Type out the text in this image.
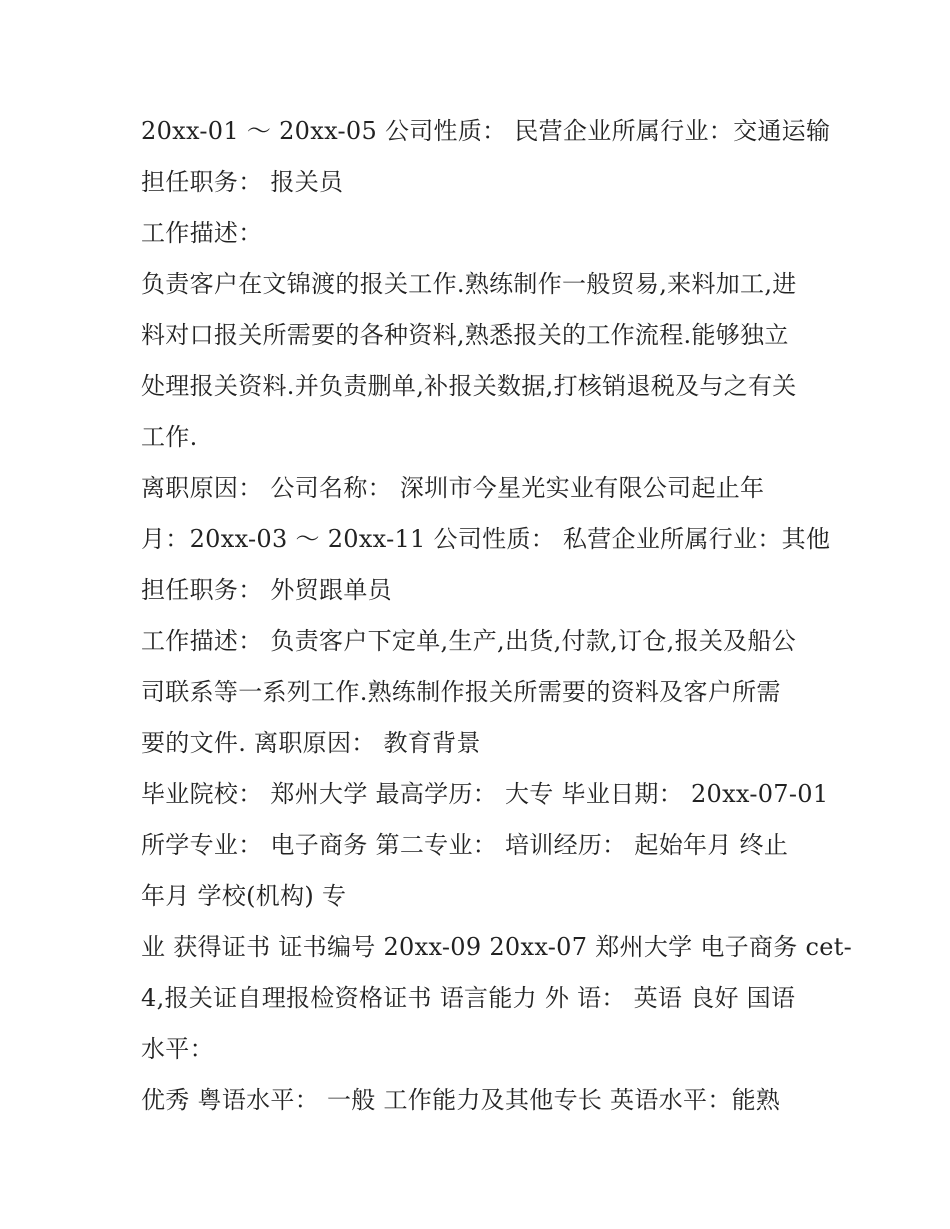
20xx-01 ～ 20xx-05 公司性质： 民营企业所属行业：交通运输
担任职务： 报关员
工作描述：
负责客户在文锦渡的报关工作.熟练制作一般贸易,来料加工,进
料对口报关所需要的各种资料,熟悉报关的工作流程.能够独立
处理报关资料.并负责删单,补报关数据,打核销退税及与之有关
工作.
离职原因： 公司名称： 深圳市今星光实业有限公司起止年
月：20xx-03 ～ 20xx-11 公司性质： 私营企业所属行业：其他
担任职务： 外贸跟单员
工作描述： 负责客户下定单,生产,出货,付款,订仓,报关及船公
司联系等一系列工作.熟练制作报关所需要的资料及客户所需
要的文件. 离职原因： 教育背景
毕业院校： 郑州大学 最高学历： 大专 毕业日期： 20xx-07-01
所学专业： 电子商务 第二专业： 培训经历： 起始年月 终止
年月 学校(机构) 专
业 获得证书 证书编号 20xx-09 20xx-07 郑州大学 电子商务 cet-
4,报关证自理报检资格证书 语言能力 外 语： 英语 良好 国语
水平：
优秀 粤语水平： 一般 工作能力及其他专长 英语水平：能熟
